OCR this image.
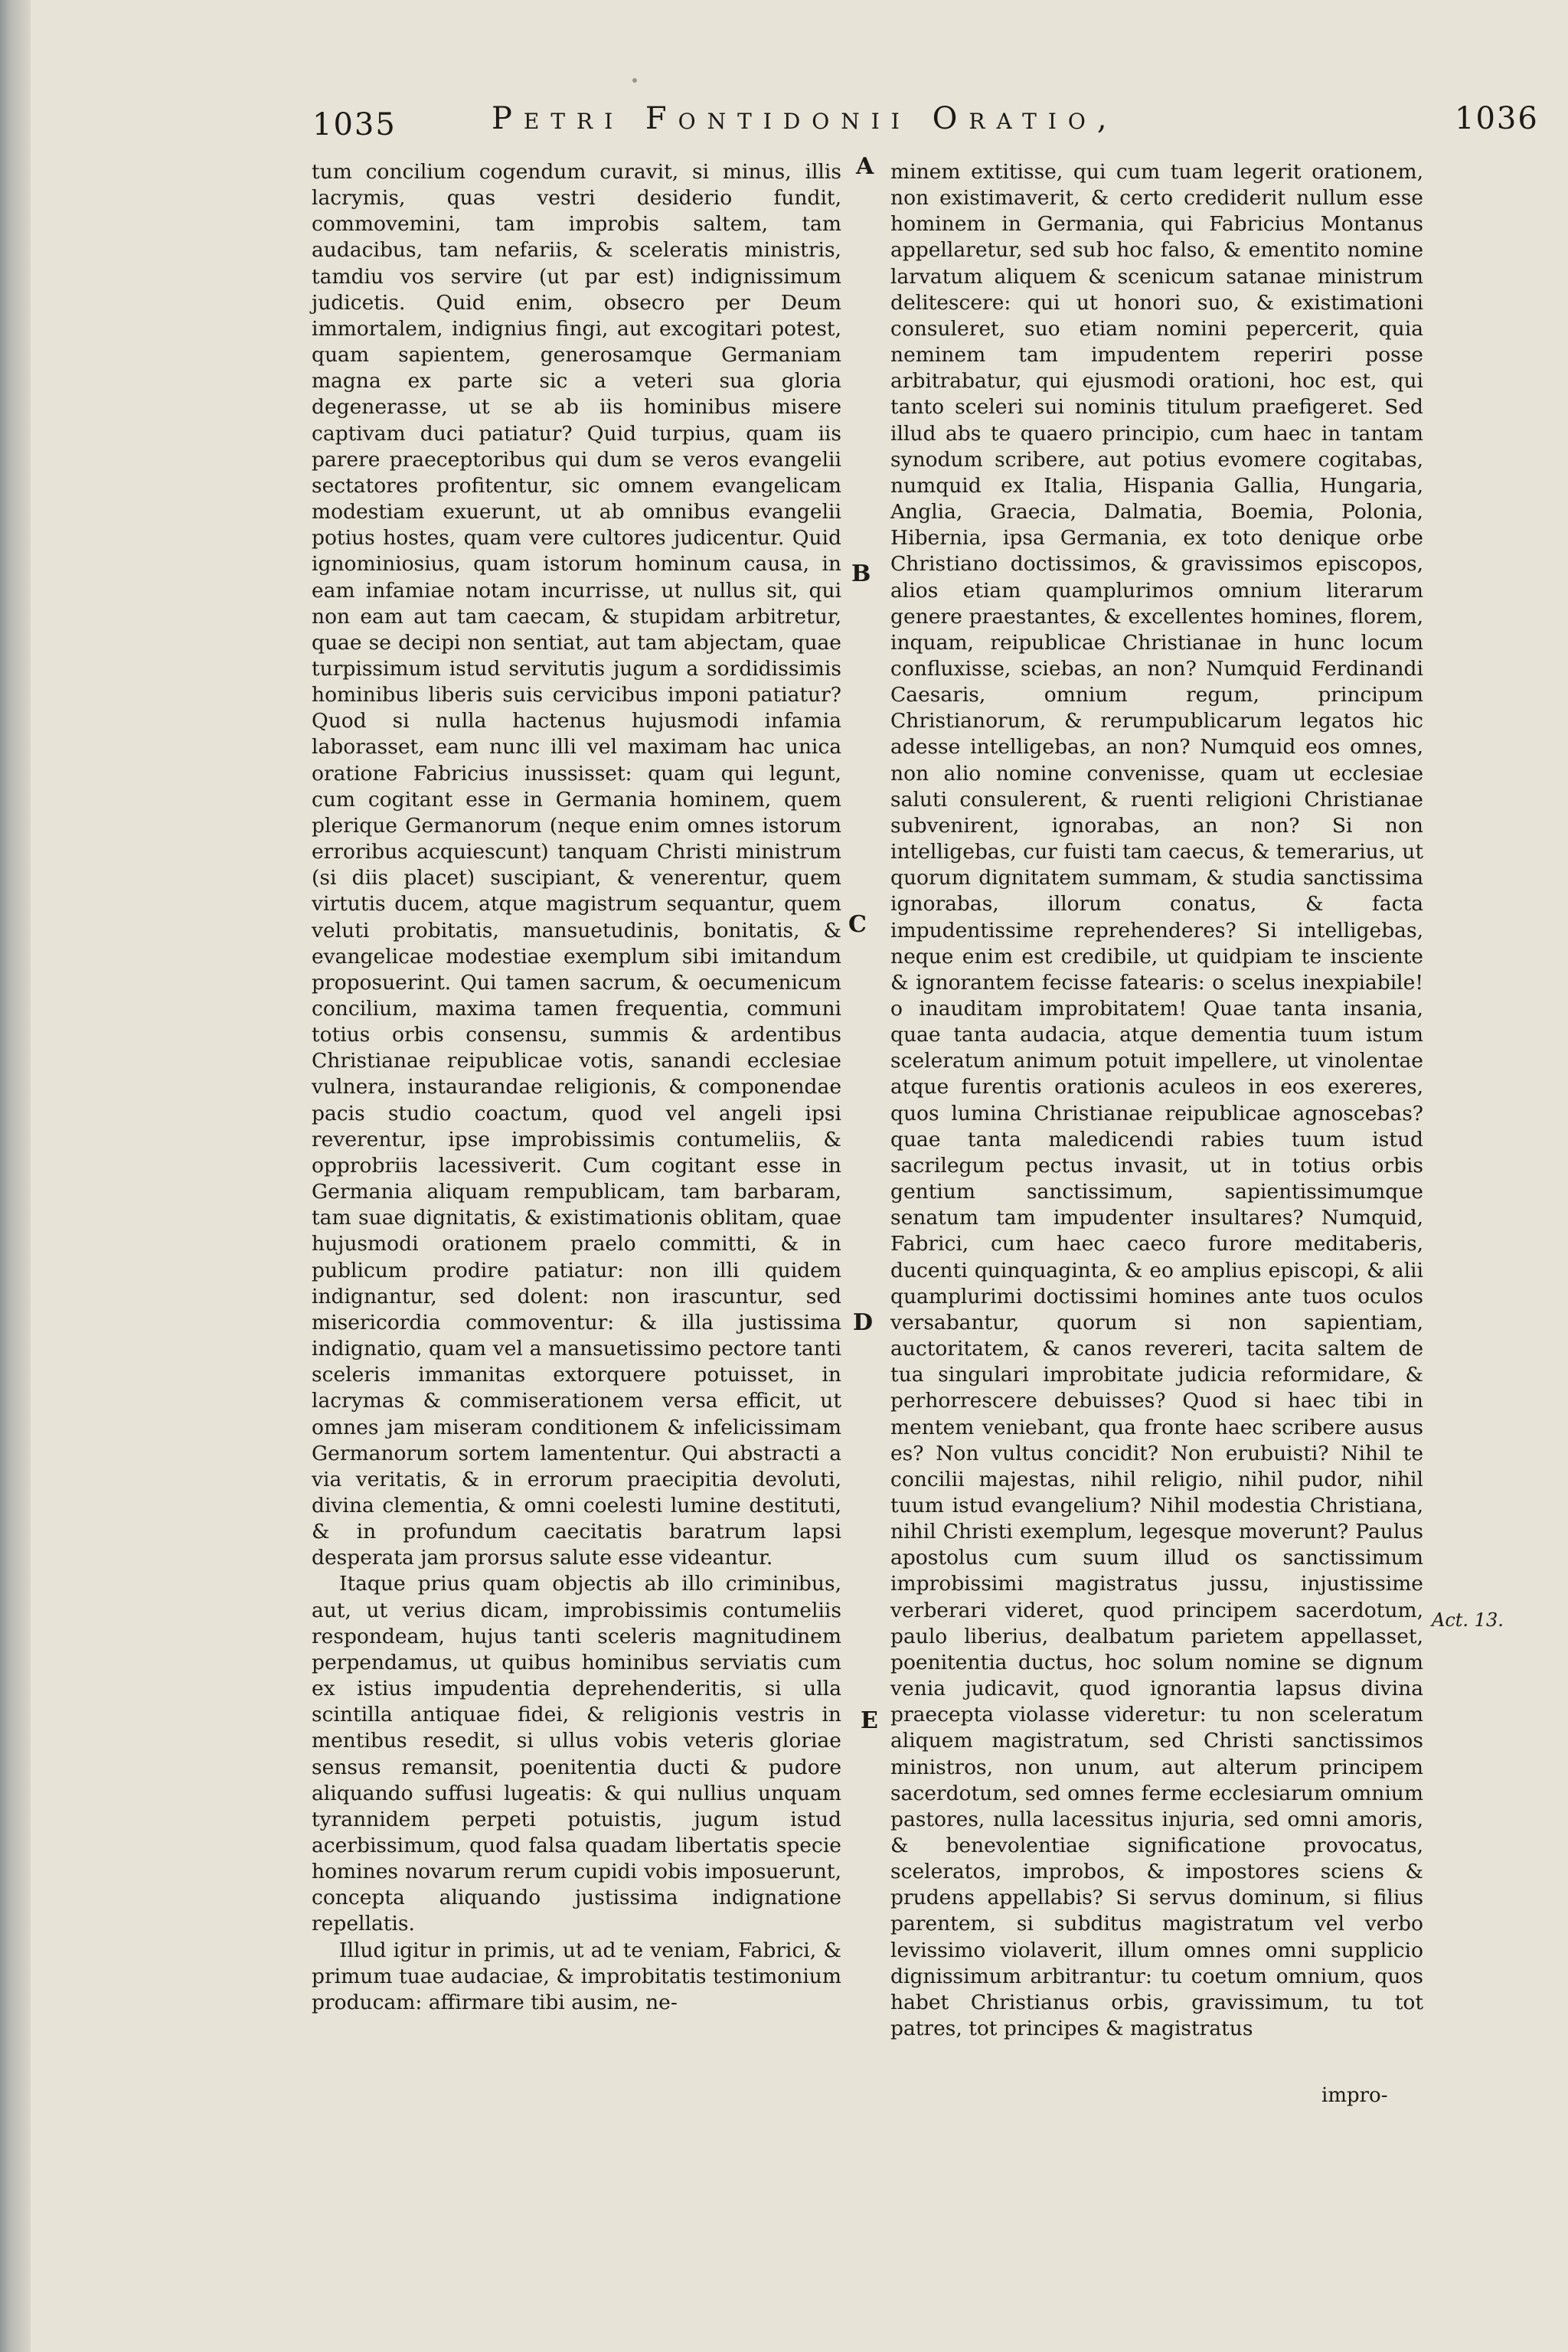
1035	Petri Fontidonii Oratio,	1036

tum concilium cogendum curavit, si minus, illis lacrymis, quas vestri desiderio fundit, commovemini, tam improbis saltem, tam audacibus, tam nefariis, & sceleratis ministris, tamdiu vos servire (ut par est) indignissimum judicetis. Quid enim, obsecro per Deum immortalem, indignius fingi, aut excogitari potest, quam sapientem, generosamque Germaniam magna ex parte sic a veteri sua gloria degenerasse, ut se ab iis hominibus misere captivam duci patiatur? Quid turpius, quam iis parere praeceptoribus qui dum se veros evangelii sectatores profitentur, sic omnem evangelicam modestiam exuerunt, ut ab omnibus evangelii potius hostes, quam vere cultores judicentur. Quid ignominiosius, quam istorum hominum causa, in eam infamiae notam incurrisse, ut nullus sit, qui non eam aut tam caecam, & stupidam arbitretur, quae se decipi non sentiat, aut tam abjectam, quae turpissimum istud servitutis jugum a sordidissimis hominibus liberis suis cervicibus imponi patiatur? Quod si nulla hactenus hujusmodi infamia laborasset, eam nunc illi vel maximam hac unica oratione Fabricius inussisset: quam qui legunt, cum cogitant esse in Germania hominem, quem plerique Germanorum (neque enim omnes istorum erroribus acquiescunt) tanquam Christi ministrum (si diis placet) suscipiant, & venerentur, quem virtutis ducem, atque magistrum sequantur, quem veluti probitatis, mansuetudinis, bonitatis, & evangelicae modestiae exemplum sibi imitandum proposuerint. Qui tamen sacrum, & oecumenicum concilium, maxima tamen frequentia, communi totius orbis consensu, summis & ardentibus Christianae reipublicae votis, sanandi ecclesiae vulnera, instaurandae religionis, & componendae pacis studio coactum, quod vel angeli ipsi reverentur, ipse improbissimis contumeliis, & opprobriis lacessiverit. Cum cogitant esse in Germania aliquam rempublicam, tam barbaram, tam suae dignitatis, & existimationis oblitam, quae hujusmodi orationem praelo committi, & in publicum prodire patiatur: non illi quidem indignantur, sed dolent: non irascuntur, sed misericordia commoventur: & illa justissima indignatio, quam vel a mansuetissimo pectore tanti sceleris immanitas extorquere potuisset, in lacrymas & commiserationem versa efficit, ut omnes jam miseram conditionem & infelicissimam Germanorum sortem lamententur. Qui abstracti a via veritatis, & in errorum praecipitia devoluti, divina clementia, & omni coelesti lumine destituti, & in profundum caecitatis baratrum lapsi desperata jam prorsus salute esse videantur.

Itaque prius quam objectis ab illo criminibus, aut, ut verius dicam, improbissimis contumeliis respondeam, hujus tanti sceleris magnitudinem perpendamus, ut quibus hominibus serviatis cum ex istius impudentia deprehenderitis, si ulla scintilla antiquae fidei, & religionis vestris in mentibus resedit, si ullus vobis veteris gloriae sensus remansit, poenitentia ducti & pudore aliquando suffusi lugeatis: & qui nullius unquam tyrannidem perpeti potuistis, jugum istud acerbissimum, quod falsa quadam libertatis specie homines novarum rerum cupidi vobis imposuerunt, concepta aliquando justissima indignatione repellatis.

Illud igitur in primis, ut ad te veniam, Fabrici, & primum tuae audaciae, & improbitatis testimonium producam: affirmare tibi ausim, ne-

A
B
C
D
E

minem extitisse, qui cum tuam legerit orationem, non existimaverit, & certo crediderit nullum esse hominem in Germania, qui Fabricius Montanus appellaretur, sed sub hoc falso, & ementito nomine larvatum aliquem & scenicum satanae ministrum delitescere: qui ut honori suo, & existimationi consuleret, suo etiam nomini pepercerit, quia neminem tam impudentem reperiri posse arbitrabatur, qui ejusmodi orationi, hoc est, qui tanto sceleri sui nominis titulum praefigeret. Sed illud abs te quaero principio, cum haec in tantam synodum scribere, aut potius evomere cogitabas, numquid ex Italia, Hispania Gallia, Hungaria, Anglia, Graecia, Dalmatia, Boemia, Polonia, Hibernia, ipsa Germania, ex toto denique orbe Christiano doctissimos, & gravissimos episcopos, alios etiam quamplurimos omnium literarum genere praestantes, & excellentes homines, florem, inquam, reipublicae Christianae in hunc locum confluxisse, sciebas, an non? Numquid Ferdinandi Caesaris, omnium regum, principum Christianorum, & rerumpublicarum legatos hic adesse intelligebas, an non? Numquid eos omnes, non alio nomine convenisse, quam ut ecclesiae saluti consulerent, & ruenti religioni Christianae subvenirent, ignorabas, an non? Si non intelligebas, cur fuisti tam caecus, & temerarius, ut quorum dignitatem summam, & studia sanctissima ignorabas, illorum conatus, & facta impudentissime reprehenderes? Si intelligebas, neque enim est credibile, ut quidpiam te insciente & ignorantem fecisse fatearis: o scelus inexpiabile! o inauditam improbitatem! Quae tanta insania, quae tanta audacia, atque dementia tuum istum sceleratum animum potuit impellere, ut vinolentae atque furentis orationis aculeos in eos exereres, quos lumina Christianae reipublicae agnoscebas? quae tanta maledicendi rabies tuum istud sacrilegum pectus invasit, ut in totius orbis gentium sanctissimum, sapientissimumque senatum tam impudenter insultares? Numquid, Fabrici, cum haec caeco furore meditaberis, ducenti quinquaginta, & eo amplius episcopi, & alii quamplurimi doctissimi homines ante tuos oculos versabantur, quorum si non sapientiam, auctoritatem, & canos revereri, tacita saltem de tua singulari improbitate judicia reformidare, & perhorrescere debuisses? Quod si haec tibi in mentem veniebant, qua fronte haec scribere ausus es? Non vultus concidit? Non erubuisti? Nihil te concilii majestas, nihil religio, nihil pudor, nihil tuum istud evangelium? Nihil modestia Christiana, nihil Christi exemplum, legesque moverunt? Paulus apostolus cum suum illud os sanctissimum improbissimi magistratus jussu, injustissime verberari videret, quod principem sacerdotum, paulo liberius, dealbatum parietem appellasset, poenitentia ductus, hoc solum nomine se dignum venia judicavit, quod ignorantia lapsus divina praecepta violasse videretur: tu non sceleratum aliquem magistratum, sed Christi sanctissimos ministros, non unum, aut alterum principem sacerdotum, sed omnes ferme ecclesiarum omnium pastores, nulla lacessitus injuria, sed omni amoris, & benevolentiae significatione provocatus, sceleratos, improbos, & impostores sciens & prudens appellabis? Si servus dominum, si filius parentem, si subditus magistratum vel verbo levissimo violaverit, illum omnes omni supplicio dignissimum arbitrantur: tu coetum omnium, quos habet Christianus orbis, gravissimum, tu tot patres, tot principes & magistratus

Act. 13.
impro-
